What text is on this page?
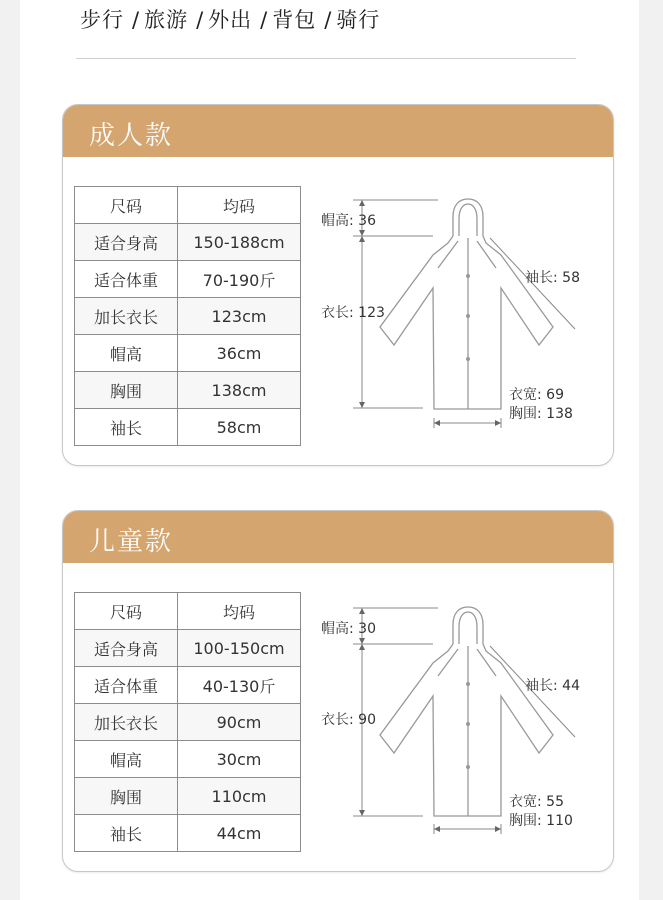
步行 / 旅游 / 外出 / 背包 / 骑行
成人款
尺码	均码
适合身高	150-188cm
适合体重	70-190斤
加长衣长	123cm
帽高	36cm
胸围	138cm
袖长	58cm
帽高: 36
衣长: 123
袖长: 58
衣宽: 69
胸围: 138
儿童款
尺码	均码
适合身高	100-150cm
适合体重	40-130斤
加长衣长	90cm
帽高	30cm
胸围	110cm
袖长	44cm
帽高: 30
衣长: 90
袖长: 44
衣宽: 55
胸围: 110
